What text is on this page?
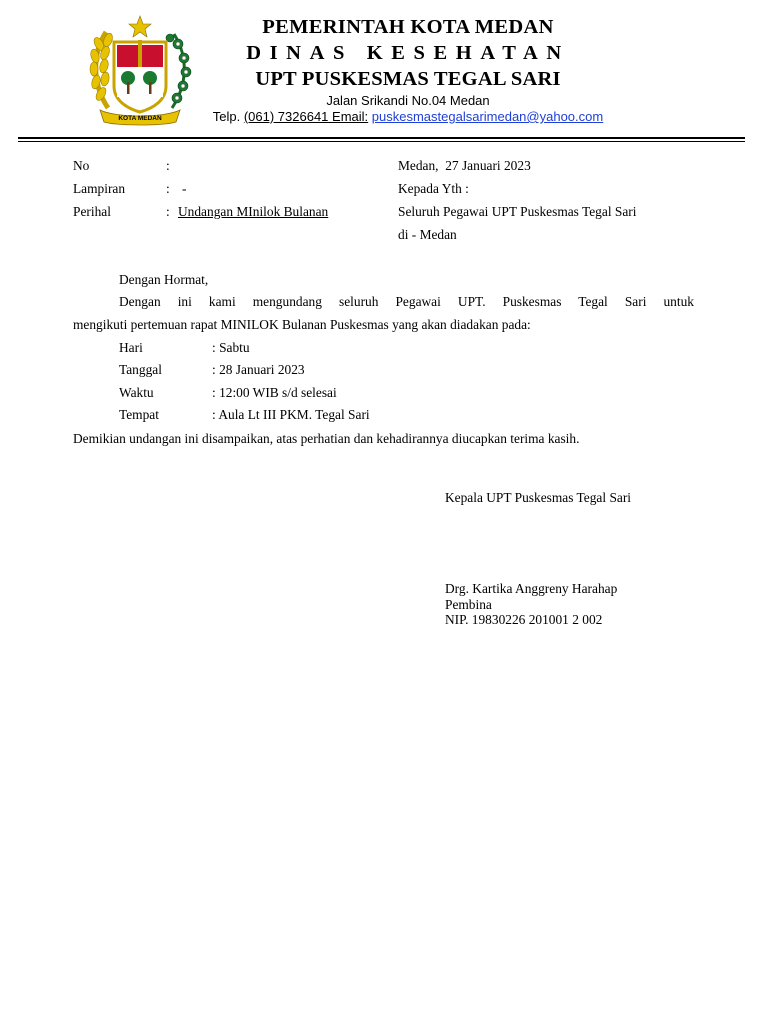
KOTA MEDAN
PEMERINTAH KOTA MEDAN
DINAS KESEHATAN
UPT PUSKESMAS TEGAL SARI
Jalan Srikandi No.04 Medan
Telp. (061) 7326641 Email: puskesmastegalsarimedan@yahoo.com
No	:
Lampiran	: -
Perihal	: Undangan MInilok Bulanan
Medan,  27 Januari 2023
Kepada Yth :
Seluruh Pegawai UPT Puskesmas Tegal Sari
di - Medan
Dengan Hormat,
Dengan ini kami mengundang seluruh Pegawai UPT. Puskesmas Tegal Sari untuk
mengikuti pertemuan rapat MINILOK Bulanan Puskesmas yang akan diadakan pada:
Hari	: Sabtu
Tanggal	: 28 Januari 2023
Waktu	: 12:00 WIB s/d selesai
Tempat	: Aula Lt III PKM. Tegal Sari
Demikian undangan ini disampaikan, atas perhatian dan kehadirannya diucapkan terima kasih.
Kepala UPT Puskesmas Tegal Sari
Drg. Kartika Anggreny Harahap
Pembina
NIP. 19830226 201001 2 002
